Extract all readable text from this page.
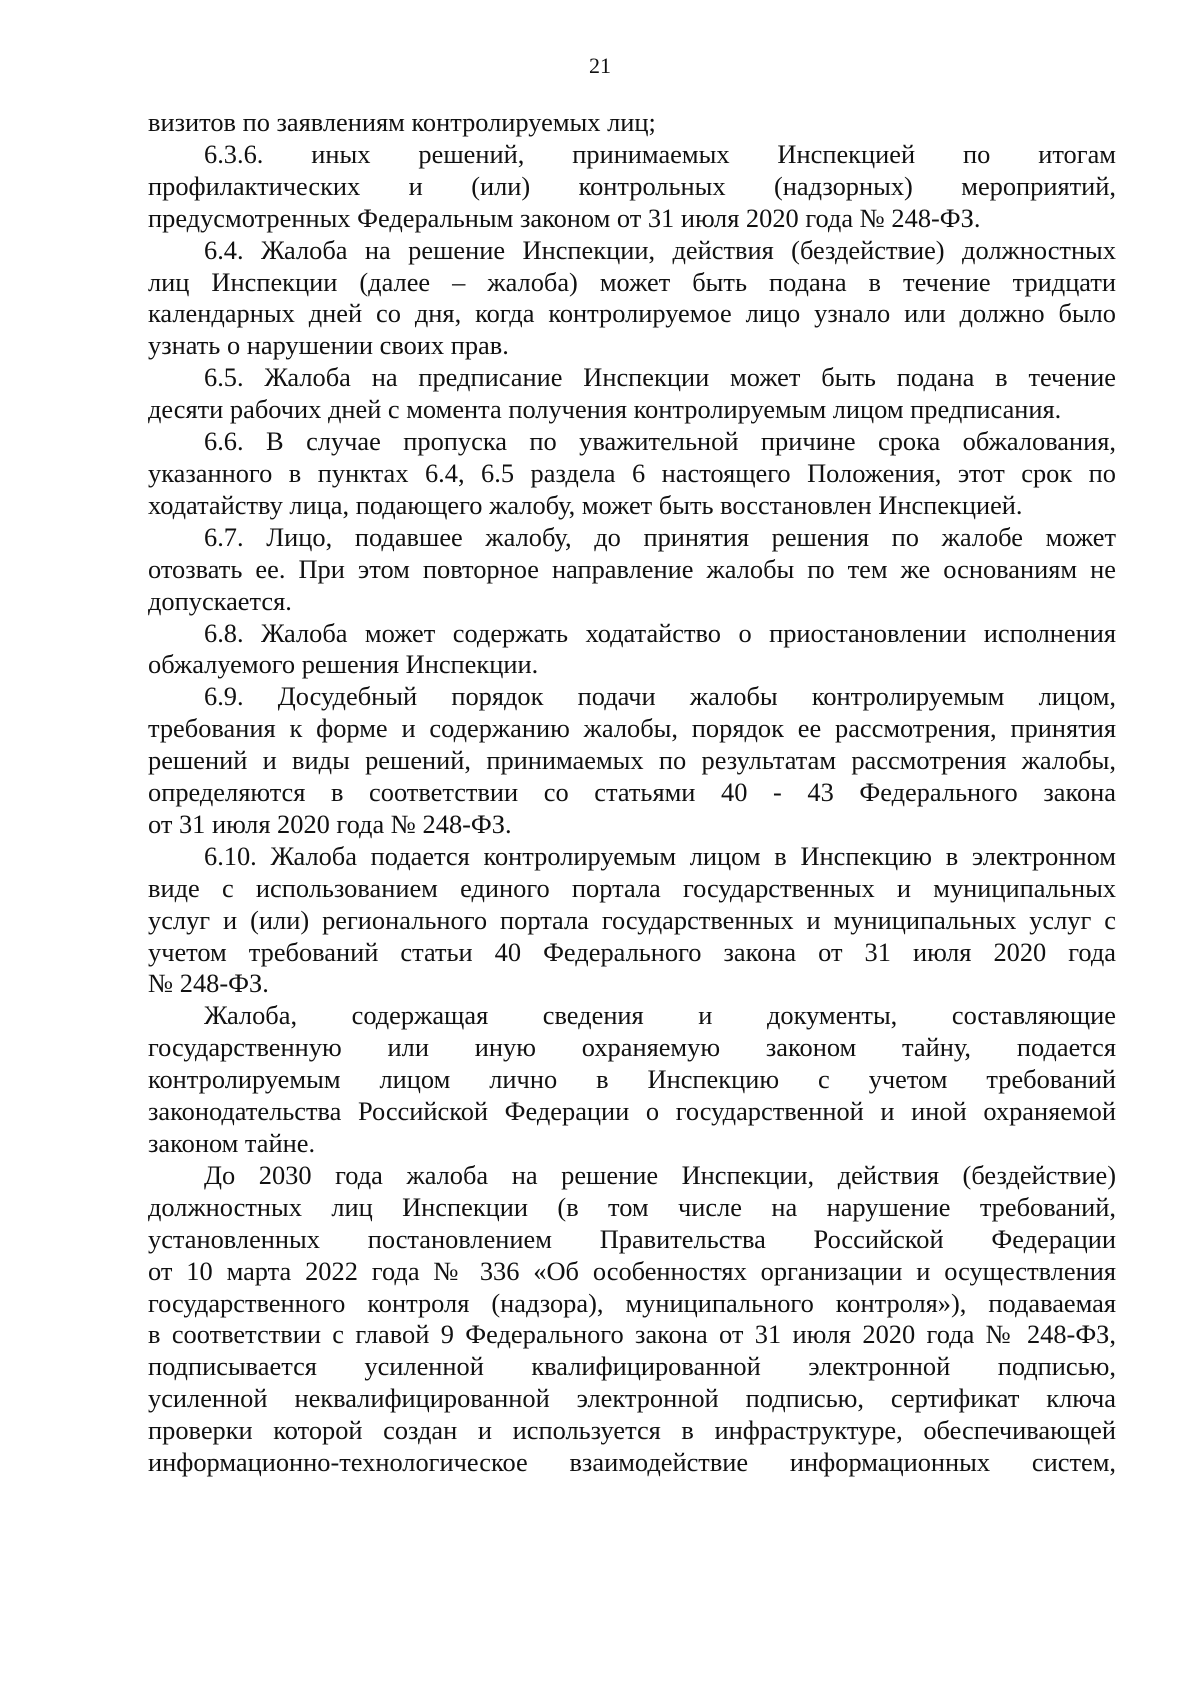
21

визитов по заявлениям контролируемых лиц;

6.3.6. иных решений, принимаемых Инспекцией по итогам

профилактических и (или) контрольных (надзорных) мероприятий,

предусмотренных Федеральным законом от 31 июля 2020 года № 248-ФЗ.

6.4. Жалоба на решение Инспекции, действия (бездействие) должностных

лиц Инспекции (далее – жалоба) может быть подана в течение тридцати

календарных дней со дня, когда контролируемое лицо узнало или должно было

узнать о нарушении своих прав.

6.5. Жалоба на предписание Инспекции может быть подана в течение

десяти рабочих дней с момента получения контролируемым лицом предписания.

6.6. В случае пропуска по уважительной причине срока обжалования,

указанного в пунктах 6.4, 6.5 раздела 6 настоящего Положения, этот срок по

ходатайству лица, подающего жалобу, может быть восстановлен Инспекцией.

6.7. Лицо, подавшее жалобу, до принятия решения по жалобе может

отозвать ее. При этом повторное направление жалобы по тем же основаниям не

допускается.

6.8. Жалоба может содержать ходатайство о приостановлении исполнения

обжалуемого решения Инспекции.

6.9. Досудебный порядок подачи жалобы контролируемым лицом,

требования к форме и содержанию жалобы, порядок ее рассмотрения, принятия

решений и виды решений, принимаемых по результатам рассмотрения жалобы,

определяются в соответствии со статьями 40 - 43 Федерального закона

от 31 июля 2020 года № 248-ФЗ.

6.10. Жалоба подается контролируемым лицом в Инспекцию в электронном

виде с использованием единого портала государственных и муниципальных

услуг и (или) регионального портала государственных и муниципальных услуг с

учетом требований статьи 40 Федерального закона от 31 июля 2020 года

№ 248-ФЗ.

Жалоба, содержащая сведения и документы, составляющие

государственную или иную охраняемую законом тайну, подается

контролируемым лицом лично в Инспекцию с учетом требований

законодательства Российской Федерации о государственной и иной охраняемой

законом тайне.

До 2030 года жалоба на решение Инспекции, действия (бездействие)

должностных лиц Инспекции (в том числе на нарушение требований,

установленных постановлением Правительства Российской Федерации

от 10 марта 2022 года № 336 «Об особенностях организации и осуществления

государственного контроля (надзора), муниципального контроля»), подаваемая

в соответствии с главой 9 Федерального закона от 31 июля 2020 года № 248-ФЗ,

подписывается усиленной квалифицированной электронной подписью,

усиленной неквалифицированной электронной подписью, сертификат ключа

проверки которой создан и используется в инфраструктуре, обеспечивающей

информационно-технологическое взаимодействие информационных систем,
